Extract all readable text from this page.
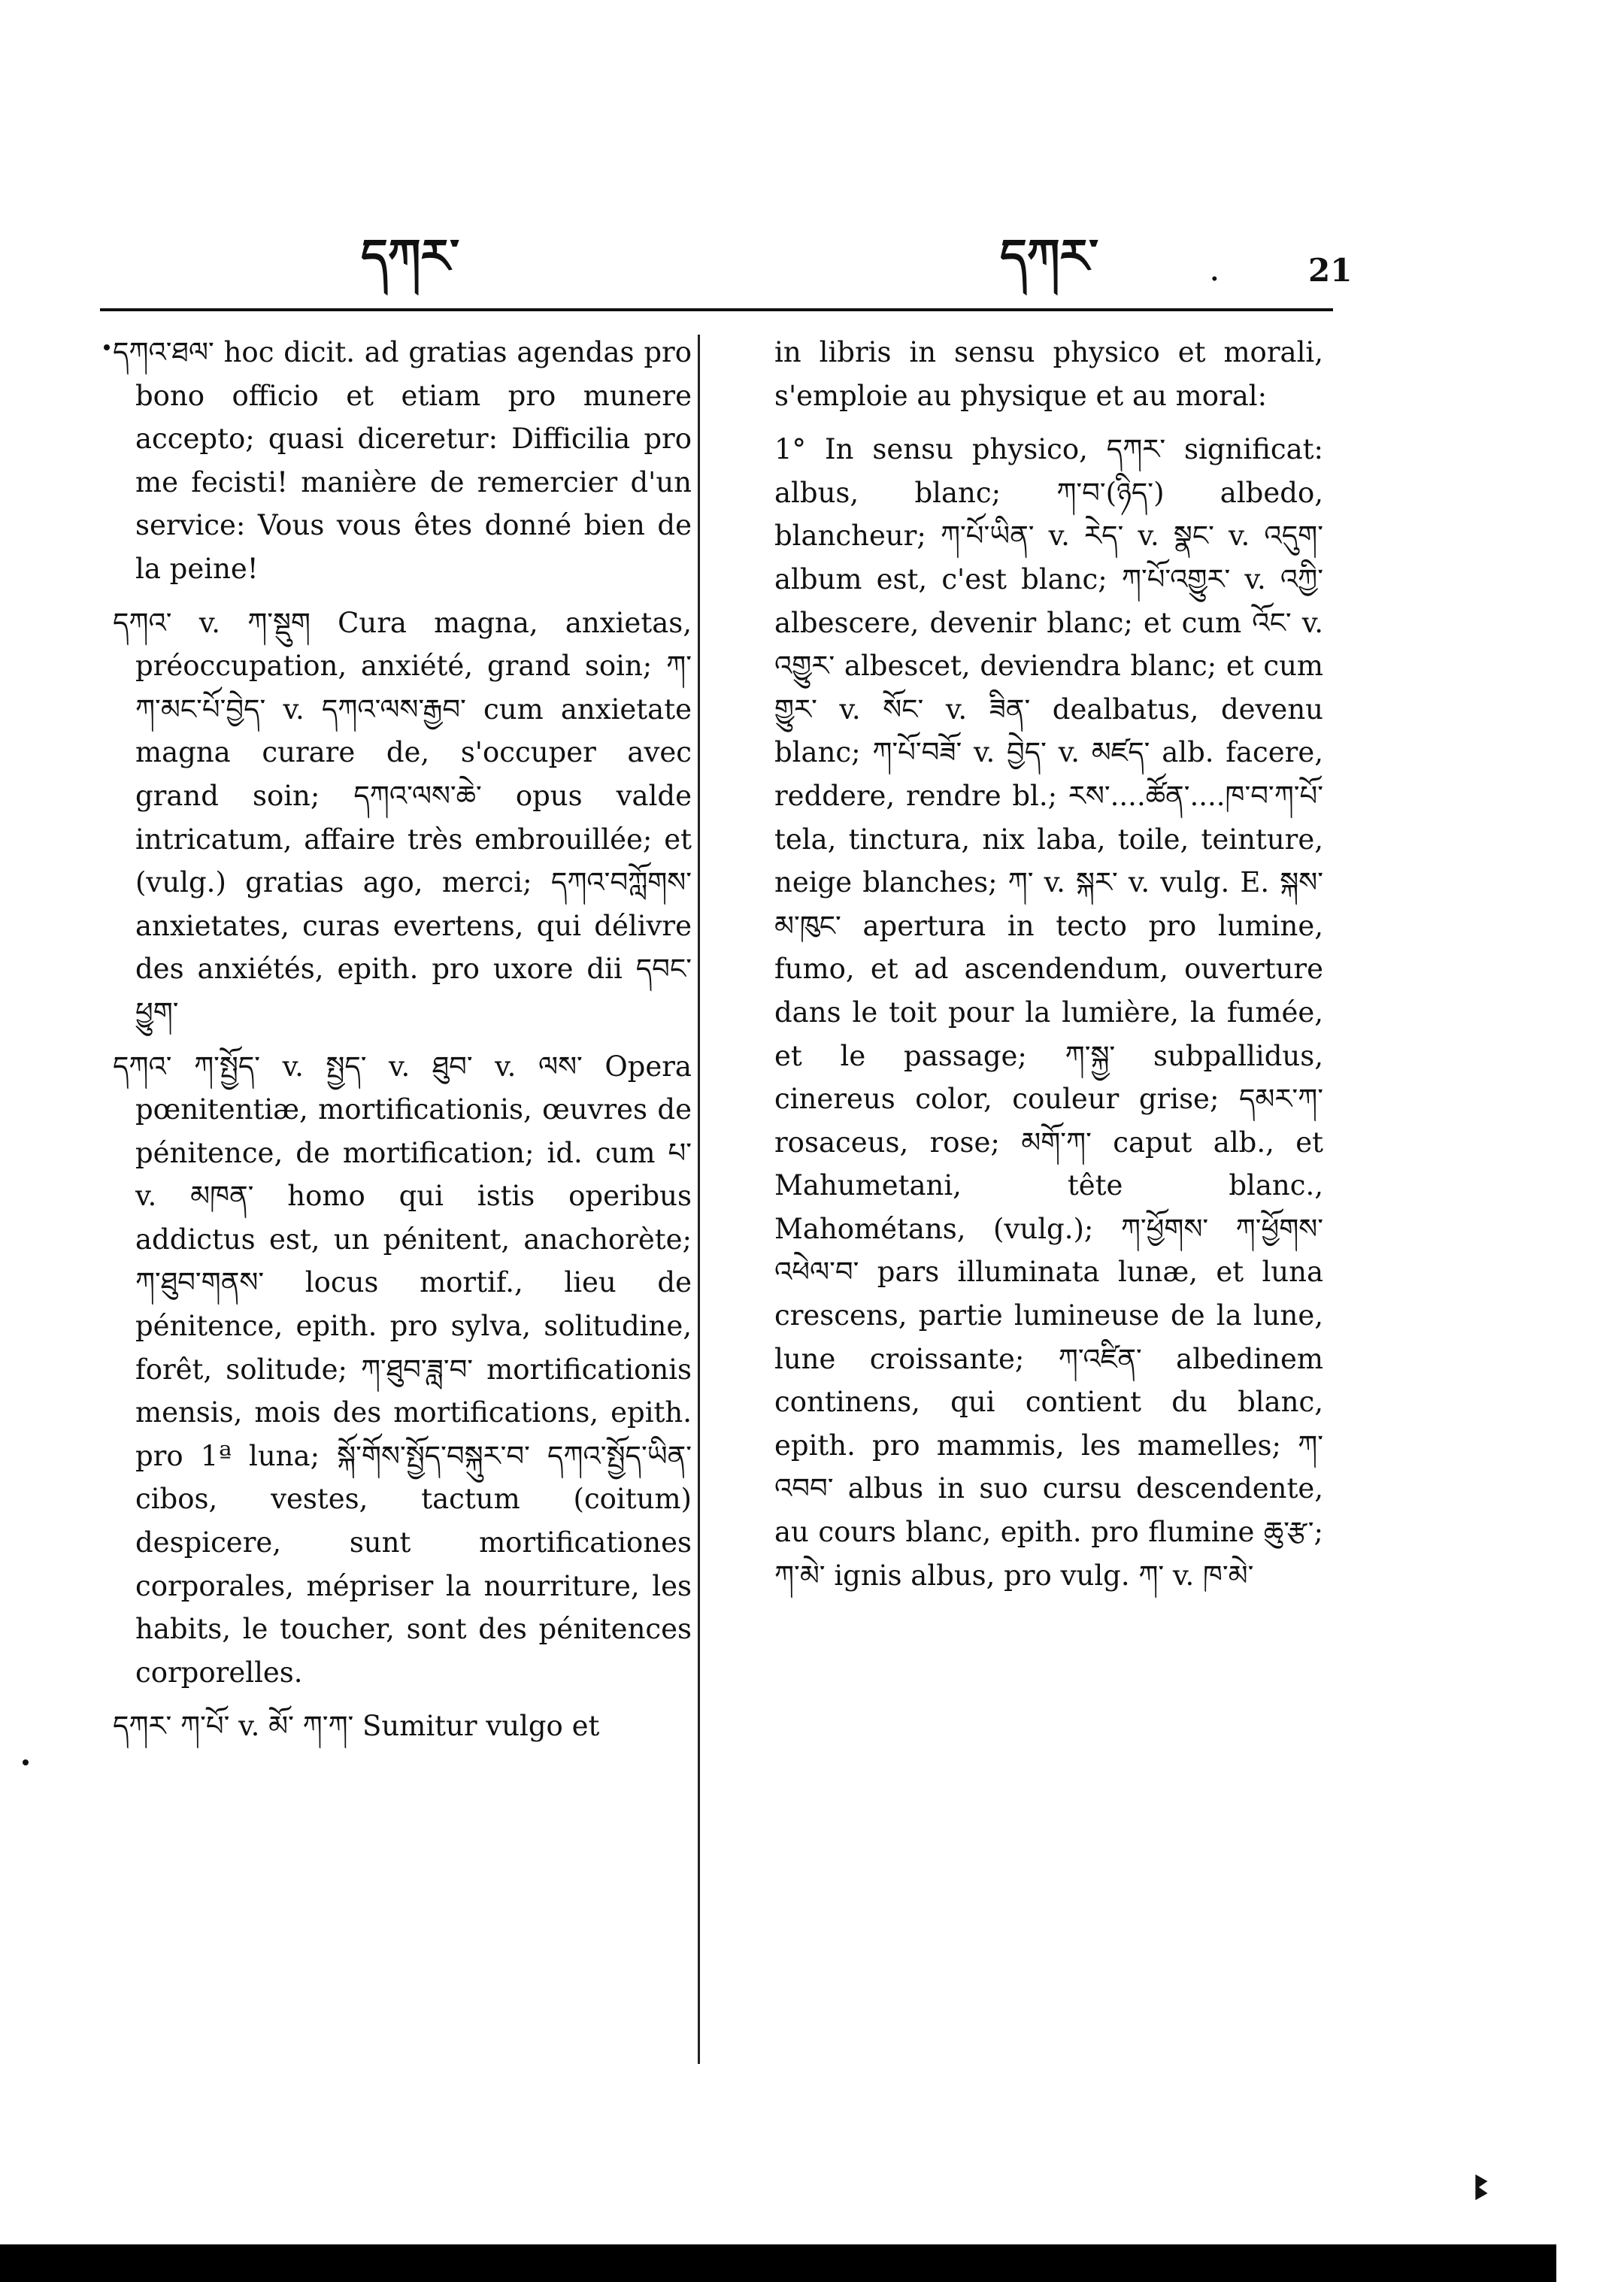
དཀར་	དཀར་	.	21

དཀའ་ཐལ་ hoc dicit. ad gratias agendas pro bono officio et etiam pro munere accepto; quasi diceretur: Difficilia pro me fecisti! manière de remercier d'un service: Vous vous êtes donné bien de la peine!

དཀའ་ v. ཀ་སྡུག Cura magna, anxietas, préoccupation, anxiété, grand soin; ཀ་ཀ་མང་པོ་བྱེད་ v. དཀའ་ལས་རྒྱབ་ cum anxietate magna curare de, s'occuper avec grand soin; དཀའ་ལས་ཆེ་ opus valde intricatum, affaire très embrouillée; et (vulg.) gratias ago, merci; དཀའ་བཀློགས་ anxietates, curas evertens, qui délivre des anxiétés, epith. pro uxore dii དབང་ཕྱུག་

དཀའ་ ཀ་སྤྱོད་ v. སྤྱད་ v. ཐུབ་ v. ལས་ Opera pœnitentiæ, mortificationis, œuvres de pénitence, de mortification; id. cum པ་ v. མཁན་ homo qui istis operibus addictus est, un pénitent, anachorète; ཀ་ཐུབ་གནས་ locus mortif., lieu de pénitence, epith. pro sylva, solitudine, forêt, solitude; ཀ་ཐུབ་ཟླ་བ་ mortificationis mensis, mois des mortifications, epith. pro 1ª luna; སྐོ་གོས་སྤྱོད་བསྐུར་བ་ དཀའ་སྤྱོད་ཡིན་ cibos, vestes, tactum (coitum) despicere, sunt mortificationes corporales, mépriser la nourriture, les habits, le toucher, sont des pénitences corporelles.

དཀར་ ཀ་པོ་ v. མོ་ ཀ་ཀ་ Sumitur vulgo et

in libris in sensu physico et morali, s'emploie au physique et au moral:

1° In sensu physico, དཀར་ significat: albus, blanc; ཀ་བ་(ཉིད་) albedo, blancheur; ཀ་པོ་ཡིན་ v. རེད་ v. སྣང་ v. འདུག་ album est, c'est blanc; ཀ་པོ་འགྱུར་ v. འཀྱི་ albescere, devenir blanc; et cum འོང་ v. འགྱུར་ albescet, deviendra blanc; et cum གྱུར་ v. སོང་ v. ཟིན་ dealbatus, devenu blanc; ཀ་པོ་བཟོ་ v. བྱེད་ v. མཛད་ alb. facere, reddere, rendre bl.; རས་....ཚོན་....ཁ་བ་ཀ་པོ་ tela, tinctura, nix laba, toile, teinture, neige blanches; ཀ་ v. སྐར་ v. vulg. E. སྐས་མ་ཁུང་ apertura in tecto pro lumine, fumo, et ad ascendendum, ouverture dans le toit pour la lumière, la fumée, et le passage; ཀ་སྐྱ་ subpallidus, cinereus color, couleur grise; དམར་ཀ་ rosaceus, rose; མགོ་ཀ་ caput alb., et Mahumetani, tête blanc., Mahométans, (vulg.); ཀ་ཕྱོགས་ ཀ་ཕྱོགས་འཕེལ་བ་ pars illuminata lunæ, et luna crescens, partie lumineuse de la lune, lune croissante; ཀ་འཛིན་ albedinem continens, qui contient du blanc, epith. pro mammis, les mamelles; ཀ་འབབ་ albus in suo cursu descendente, au cours blanc, epith. pro flumine ཆུ་རྩ་; ཀ་མེ་ ignis albus, pro vulg. ཀ་ v. ཁ་མེ་

ꔪ
